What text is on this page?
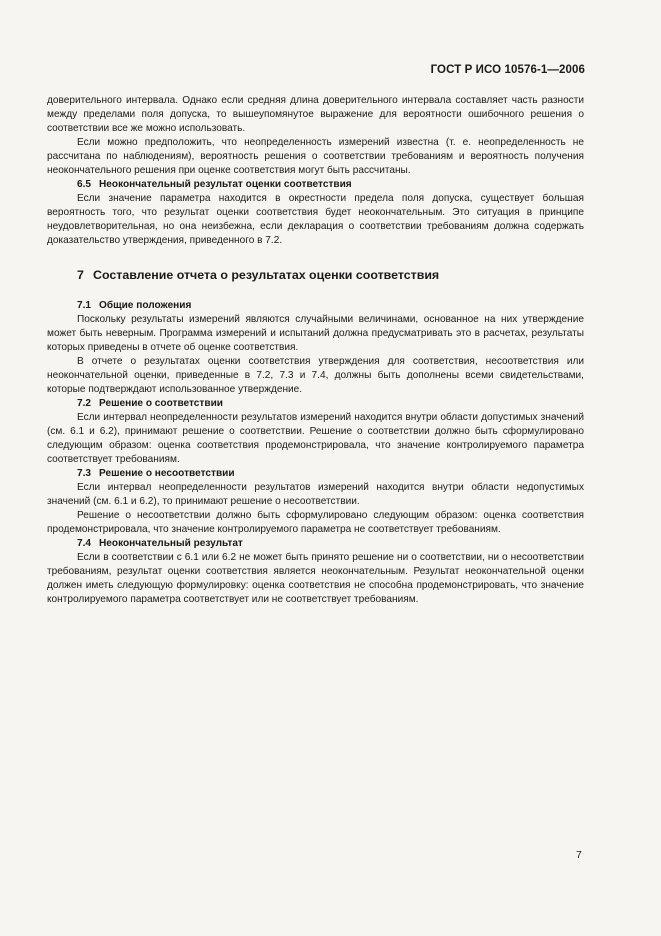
ГОСТ Р ИСО 10576-1—2006

доверительного интервала. Однако если средняя длина доверительного интервала составляет часть разности между пределами поля допуска, то вышеупомянутое выражение для вероятности ошибочного решения о соответствии все же можно использовать.

Если можно предположить, что неопределенность измерений известна (т. е. неопределенность не рассчитана по наблюдениям), вероятность решения о соответствии требованиям и вероятность получения неокончательного решения при оценке соответствия могут быть рассчитаны.

6.5 Неокончательный результат оценки соответствия

Если значение параметра находится в окрестности предела поля допуска, существует большая вероятность того, что результат оценки соответствия будет неокончательным. Это ситуация в принципе неудовлетворительная, но она неизбежна, если декларация о соответствии требованиям должна содержать доказательство утверждения, приведенного в 7.2.

7 Составление отчета о результатах оценки соответствия
7.1 Общие положения

Поскольку результаты измерений являются случайными величинами, основанное на них утверждение может быть неверным. Программа измерений и испытаний должна предусматривать это в расчетах, результаты которых приведены в отчете об оценке соответствия.

В отчете о результатах оценки соответствия утверждения для соответствия, несоответствия или неокончательной оценки, приведенные в 7.2, 7.3 и 7.4, должны быть дополнены всеми свидетельствами, которые подтверждают использованное утверждение.

7.2 Решение о соответствии

Если интервал неопределенности результатов измерений находится внутри области допустимых значений (см. 6.1 и 6.2), принимают решение о соответствии. Решение о соответствии должно быть сформулировано следующим образом: оценка соответствия продемонстрировала, что значение контролируемого параметра соответствует требованиям.

7.3 Решение о несоответствии

Если интервал неопределенности результатов измерений находится внутри области недопустимых значений (см. 6.1 и 6.2), то принимают решение о несоответствии.

Решение о несоответствии должно быть сформулировано следующим образом: оценка соответствия продемонстрировала, что значение контролируемого параметра не соответствует требованиям.

7.4 Неокончательный результат

Если в соответствии с 6.1 или 6.2 не может быть принято решение ни о соответствии, ни о несоответствии требованиям, результат оценки соответствия является неокончательным. Результат неокончательной оценки должен иметь следующую формулировку: оценка соответствия не способна продемонстрировать, что значение контролируемого параметра соответствует или не соответствует требованиям.

7
